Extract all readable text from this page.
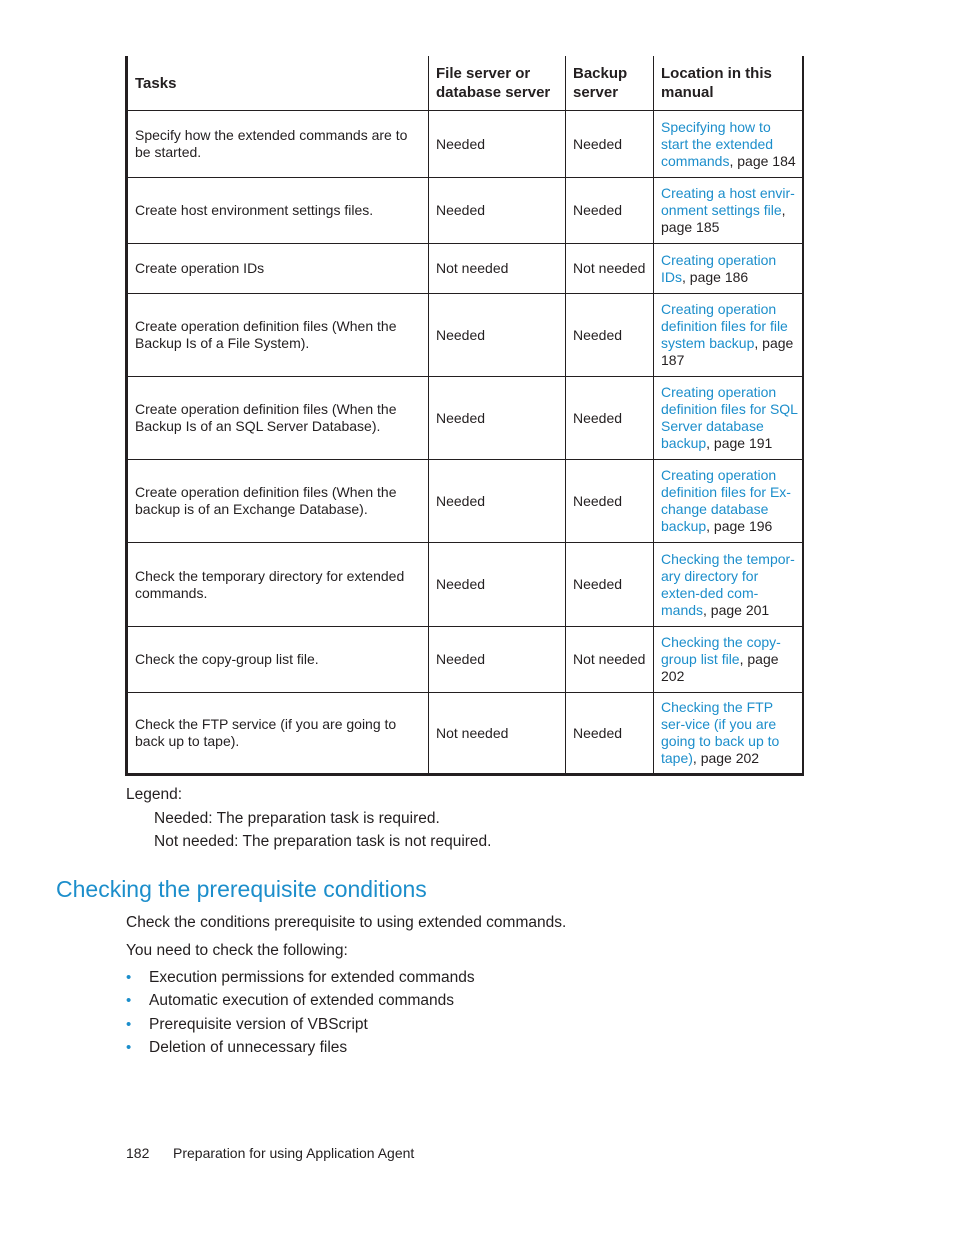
Tasks	File server or database server	Backup server	Location in this manual
Specify how the extended commands are to be started.	Needed	Needed	Specifying how to start the extended commands, page 184
Create host environment settings files.	Needed	Needed	Creating a host envir-onment settings file, page 185
Create operation IDs	Not needed	Not needed	Creating operation IDs, page 186
Create operation definition files (When the Backup Is of a File System).	Needed	Needed	Creating operation definition files for file system backup, page 187
Create operation definition files (When the Backup Is of an SQL Server Database).	Needed	Needed	Creating operation definition files for SQL Server database backup, page 191
Create operation definition files (When the backup is of an Exchange Database).	Needed	Needed	Creating operation definition files for Ex-change database backup, page 196
Check the temporary directory for extended commands.	Needed	Needed	Checking the tempor-ary directory for exten-ded com-mands, page 201
Check the copy-group list file.	Needed	Not needed	Checking the copy-group list file, page 202
Check the FTP service (if you are going to back up to tape).	Not needed	Needed	Checking the FTP ser-vice (if you are going to back up to tape), page 202

Legend:

Needed: The preparation task is required.

Not needed: The preparation task is not required.

Checking the prerequisite conditions

Check the conditions prerequisite to using extended commands.

You need to check the following:

• Execution permissions for extended commands
• Automatic execution of extended commands
• Prerequisite version of VBScript
• Deletion of unnecessary files

182 Preparation for using Application Agent
